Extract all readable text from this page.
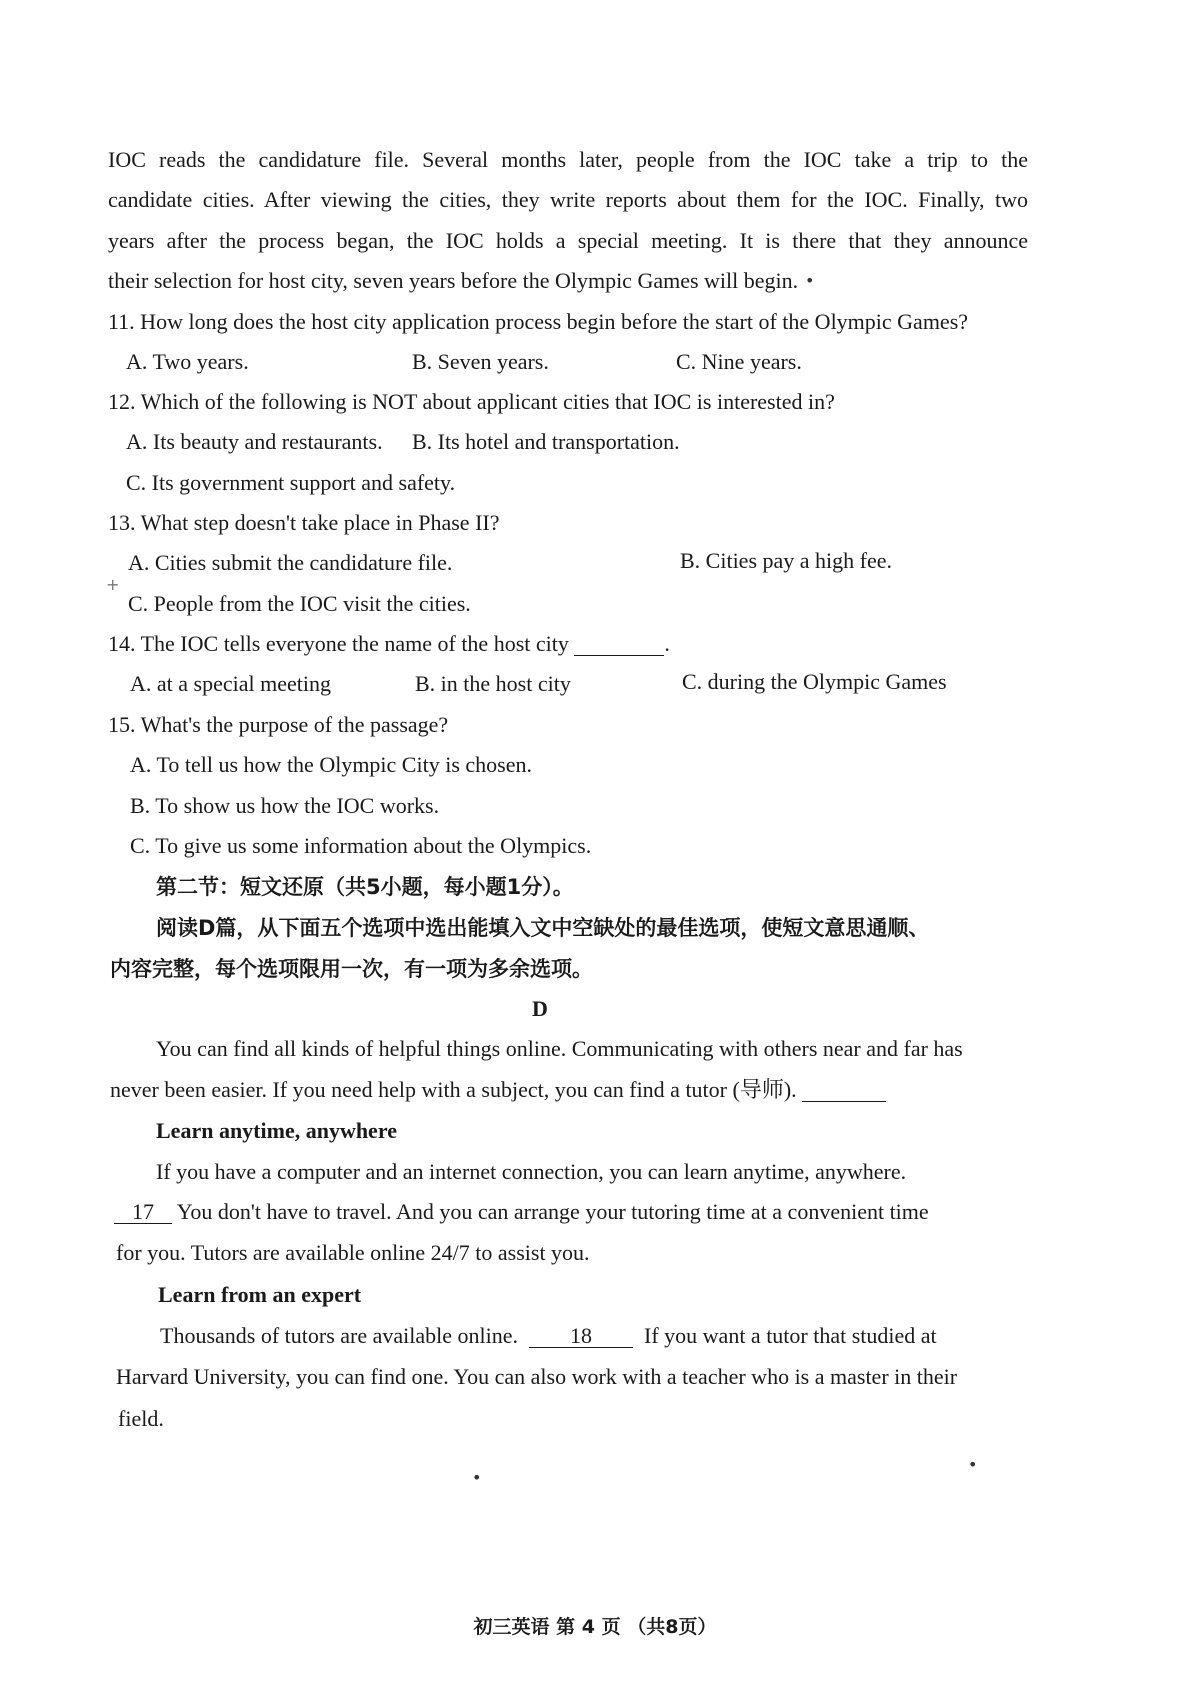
IOC reads the candidature file. Several months later, people from the IOC take a trip to the
candidate cities. After viewing the cities, they write reports about them for the IOC. Finally, two
years after the process began, the IOC holds a special meeting. It is there that they announce
their selection for host city, seven years before the Olympic Games will begin.
11. How long does the host city application process begin before the start of the Olympic Games?
A. Two years.	B. Seven years.	C. Nine years.
12. Which of the following is NOT about applicant cities that IOC is interested in?
A. Its beauty and restaurants. B. Its hotel and transportation.
C. Its government support and safety.
13. What step doesn't take place in Phase II?
A. Cities submit the candidature file.	B. Cities pay a high fee.
C. People from the IOC visit the cities.
14. The IOC tells everyone the name of the host city	.
A. at a special meeting	B. in the host city	C. during the Olympic Games
15. What's the purpose of the passage?
A. To tell us how the Olympic City is chosen.
B. To show us how the IOC works.
C. To give us some information about the Olympics.
第二节：短文还原（共5小题，每小题1分）。
阅读D篇，从下面五个选项中选出能填入文中空缺处的最佳选项，使短文意思通顺、
内容完整，每个选项限用一次，有一项为多余选项。
D
You can find all kinds of helpful things online. Communicating with others near and far has
never been easier. If you need help with a subject, you can find a tutor (导师).
Learn anytime, anywhere
If you have a computer and an internet connection, you can learn anytime, anywhere.
17 You don't have to travel. And you can arrange your tutoring time at a convenient time
for you. Tutors are available online 24/7 to assist you.
Learn from an expert
Thousands of tutors are available online. 18 If you want a tutor that studied at
Harvard University, you can find one. You can also work with a teacher who is a master in their
field.
•
•
•
+
初三英语 第 4 页 （共8页）
